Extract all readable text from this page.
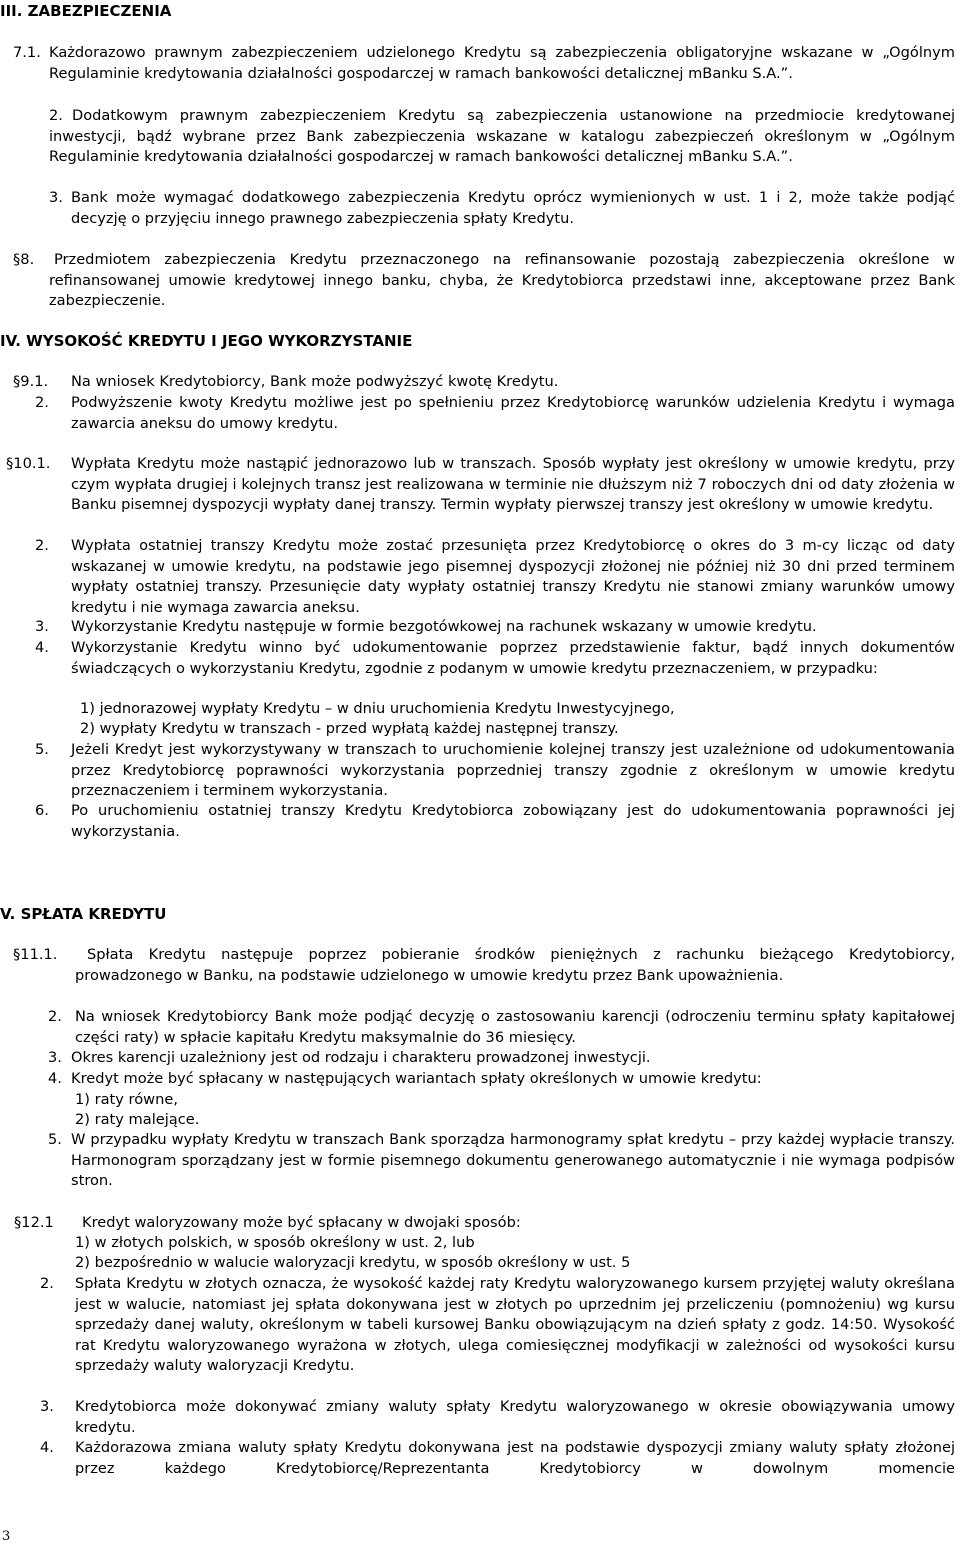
III. ZABEZPIECZENIA
7.1. Każdorazowo prawnym zabezpieczeniem udzielonego Kredytu są zabezpieczenia obligatoryjne wskazane w „Ogólnym Regulaminie kredytowania działalności gospodarczej w ramach bankowości detalicznej mBanku S.A.”.
2. Dodatkowym prawnym zabezpieczeniem Kredytu są zabezpieczenia ustanowione na przedmiocie kredytowanej inwestycji, bądź wybrane przez Bank zabezpieczenia wskazane w katalogu zabezpieczeń określonym w „Ogólnym Regulaminie kredytowania działalności gospodarczej w ramach bankowości detalicznej mBanku S.A.”.
3. Bank może wymagać dodatkowego zabezpieczenia Kredytu oprócz wymienionych w ust. 1 i 2, może także podjąć decyzję o przyjęciu innego prawnego zabezpieczenia spłaty Kredytu.
§8.	Przedmiotem zabezpieczenia Kredytu przeznaczonego na refinansowanie pozostają zabezpieczenia określone w refinansowanej umowie kredytowej innego banku, chyba, że Kredytobiorca przedstawi inne, akceptowane przez Bank zabezpieczenie.
IV. WYSOKOŚĆ KREDYTU I JEGO WYKORZYSTANIE
§9.1. Na wniosek Kredytobiorcy, Bank może podwyższyć kwotę Kredytu.
2. Podwyższenie kwoty Kredytu możliwe jest po spełnieniu przez Kredytobiorcę warunków udzielenia Kredytu i wymaga zawarcia aneksu do umowy kredytu.
§10.1. Wypłata Kredytu może nastąpić jednorazowo lub w transzach. Sposób wypłaty jest określony w umowie kredytu, przy czym wypłata drugiej i kolejnych transz jest realizowana w terminie nie dłuższym niż 7 roboczych dni od daty złożenia w Banku pisemnej dyspozycji wypłaty danej transzy. Termin wypłaty pierwszej transzy jest określony w umowie kredytu.
2. Wypłata ostatniej transzy Kredytu może zostać przesunięta przez Kredytobiorcę o okres do 3 m-cy licząc od daty wskazanej w umowie kredytu, na podstawie jego pisemnej dyspozycji złożonej nie później niż 30 dni przed terminem wypłaty ostatniej transzy. Przesunięcie daty wypłaty ostatniej transzy Kredytu nie stanowi zmiany warunków umowy kredytu i nie wymaga zawarcia aneksu.
3. Wykorzystanie Kredytu następuje w formie bezgotówkowej na rachunek wskazany w umowie kredytu.
4. Wykorzystanie Kredytu winno być udokumentowanie poprzez przedstawienie faktur, bądź innych dokumentów świadczących o wykorzystaniu Kredytu, zgodnie z podanym w umowie kredytu przeznaczeniem, w przypadku:
1) jednorazowej wypłaty Kredytu – w dniu uruchomienia Kredytu Inwestycyjnego,
2) wypłaty Kredytu w transzach - przed wypłatą każdej następnej transzy.
5. Jeżeli Kredyt jest wykorzystywany w transzach to uruchomienie kolejnej transzy jest uzależnione od udokumentowania przez Kredytobiorcę poprawności wykorzystania poprzedniej transzy zgodnie z określonym w umowie kredytu przeznaczeniem i terminem wykorzystania.
6. Po uruchomieniu ostatniej transzy Kredytu Kredytobiorca zobowiązany jest do udokumentowania poprawności jej wykorzystania.
V. SPŁATA KREDYTU
§11.1.	Spłata Kredytu następuje poprzez pobieranie środków pieniężnych z rachunku bieżącego Kredytobiorcy, prowadzonego w Banku, na podstawie udzielonego w umowie kredytu przez Bank upoważnienia.
2. Na wniosek Kredytobiorcy Bank może podjąć decyzję o zastosowaniu karencji (odroczeniu terminu spłaty kapitałowej części raty) w spłacie kapitału Kredytu maksymalnie do 36 miesięcy.
3. Okres karencji uzależniony jest od rodzaju i charakteru prowadzonej inwestycji.
4. Kredyt może być spłacany w następujących wariantach spłaty określonych w umowie kredytu:
1) raty równe,
2) raty malejące.
5. W przypadku wypłaty Kredytu w transzach Bank sporządza harmonogramy spłat kredytu – przy każdej wypłacie transzy. Harmonogram sporządzany jest w formie pisemnego dokumentu generowanego automatycznie i nie wymaga podpisów stron.
§12.1 Kredyt waloryzowany może być spłacany w dwojaki sposób:
1) w złotych polskich, w sposób określony w ust. 2, lub
2) bezpośrednio w walucie waloryzacji kredytu, w sposób określony w ust. 5
2. Spłata Kredytu w złotych oznacza, że wysokość każdej raty Kredytu waloryzowanego kursem przyjętej waluty określana jest w walucie, natomiast jej spłata dokonywana jest w złotych po uprzednim jej przeliczeniu (pomnożeniu) wg kursu sprzedaży danej waluty, określonym w tabeli kursowej Banku obowiązującym na dzień spłaty z godz. 14:50. Wysokość rat Kredytu waloryzowanego wyrażona w złotych, ulega comiesięcznej modyfikacji w zależności od wysokości kursu sprzedaży waluty waloryzacji Kredytu.
3. Kredytobiorca może dokonywać zmiany waluty spłaty Kredytu waloryzowanego w okresie obowiązywania umowy kredytu.
4. Każdorazowa zmiana waluty spłaty Kredytu dokonywana jest na podstawie dyspozycji zmiany waluty spłaty złożonej przez każdego Kredytobiorcę/Reprezentanta Kredytobiorcy w dowolnym momencie
3
